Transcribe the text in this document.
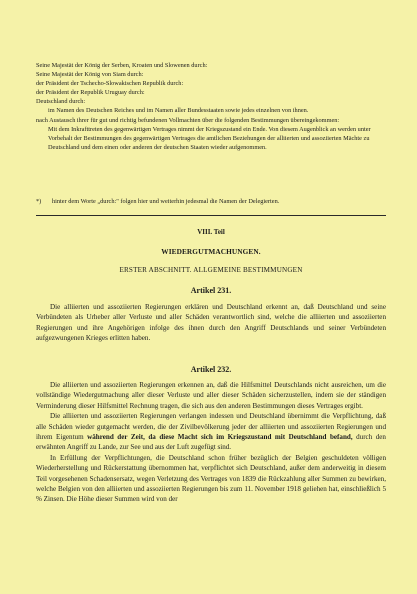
Seine Majestät der König der Serben, Kroaten und Slowenen durch:

Seine Majestät der König von Siam durch:

der Präsident der Tschecho-Slowakischen Republik durch:

der Präsident der Republik Uruguay durch:

Deutschland durch:

im Namen des Deutschen Reiches und im Namen aller Bundesstaaten sowie jedes einzelnen von ihnen.

nach Austausch ihrer für gut und richtig befundenen Vollmachten über die folgenden Bestimmungen übereingekommen:

Mit dem Inkrafttreten des gegenwärtigen Vertrages nimmt der Kriegszustand ein Ende. Von diesem Augenblick an werden unter Vorbehalt der Bestimmungen des gegenwärtigen Vertrages die amtlichen Beziehungen der alliierten und assoziierten Mächte zu Deutschland und dem einen oder anderen der deutschen Staaten wieder aufgenommen.

*) hinter dem Worte „durch:" folgen hier und weiterhin jedesmal die Namen der Delegierten.
VIII. Teil
WIEDERGUTMACHUNGEN.
ERSTER ABSCHNITT. ALLGEMEINE BESTIMMUNGEN
Artikel 231.

Die alliierten und assoziierten Regierungen erklären und Deutschland erkennt an, daß Deutschland und seine Verbündeten als Urheber aller Verluste und aller Schäden verantwortlich sind, welche die alliierten und assoziierten Regierungen und ihre Angehörigen infolge des ihnen durch den Angriff Deutschlands und seiner Verbündeten aufgezwungenen Krieges erlitten haben.

Artikel 232.

Die alliierten und assoziierten Regierungen erkennen an, daß die Hilfsmittel Deutschlands nicht ausreichen, um die vollständige Wiedergutmachung aller dieser Verluste und aller dieser Schäden sicherzustellen, indem sie der ständigen Verminderung dieser Hilfsmittel Rechnung tragen, die sich aus den anderen Bestimmungen dieses Vertrages ergibt.

Die alliierten und assoziierten Regierungen verlangen indessen und Deutschland übernimmt die Verpflichtung, daß alle Schäden wieder gutgemacht werden, die der Zivilbevölkerung jeder der alliierten und assoziierten Regierungen und ihrem Eigentum während der Zeit, da diese Macht sich im Kriegszustand mit Deutschland befand, durch den erwähnten Angriff zu Lande, zur See und aus der Luft zugefügt sind.

In Erfüllung der Verpflichtungen, die Deutschland schon früher bezüglich der Belgien geschuldeten völligen Wiederherstellung und Rückerstattung übernommen hat, verpflichtet sich Deutschland, außer dem anderweitig in diesem Teil vorgesehenen Schadensersatz, wegen Verletzung des Vertrages von 1839 die Rückzahlung aller Summen zu bewirken, welche Belgien von den alliierten und assoziierten Regierungen bis zum 11. November 1918 geliehen hat, einschließlich 5 % Zinsen. Die Höhe dieser Summen wird von der
